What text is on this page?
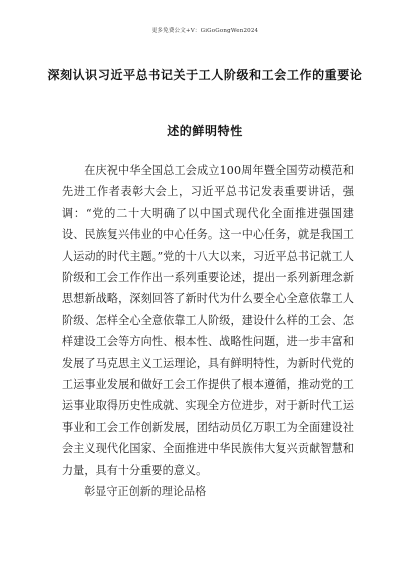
更多免费公文+V：GiGoGongWen2024
深刻认识习近平总书记关于工人阶级和工会工作的重要论
述的鲜明特性

在庆祝中华全国总工会成立100周年暨全国劳动模范和先进工作者表彰大会上，习近平总书记发表重要讲话，强调：“党的二十大明确了以中国式现代化全面推进强国建设、民族复兴伟业的中心任务。这一中心任务，就是我国工人运动的时代主题。”党的十八大以来，习近平总书记就工人阶级和工会工作作出一系列重要论述，提出一系列新理念新思想新战略，深刻回答了新时代为什么要全心全意依靠工人阶级、怎样全心全意依靠工人阶级，建设什么样的工会、怎样建设工会等方向性、根本性、战略性问题，进一步丰富和发展了马克思主义工运理论，具有鲜明特性，为新时代党的工运事业发展和做好工会工作提供了根本遵循，推动党的工运事业取得历史性成就、实现全方位进步，对于新时代工运事业和工会工作创新发展，团结动员亿万职工为全面建设社会主义现代化国家、全面推进中华民族伟大复兴贡献智慧和力量，具有十分重要的意义。

彰显守正创新的理论品格
